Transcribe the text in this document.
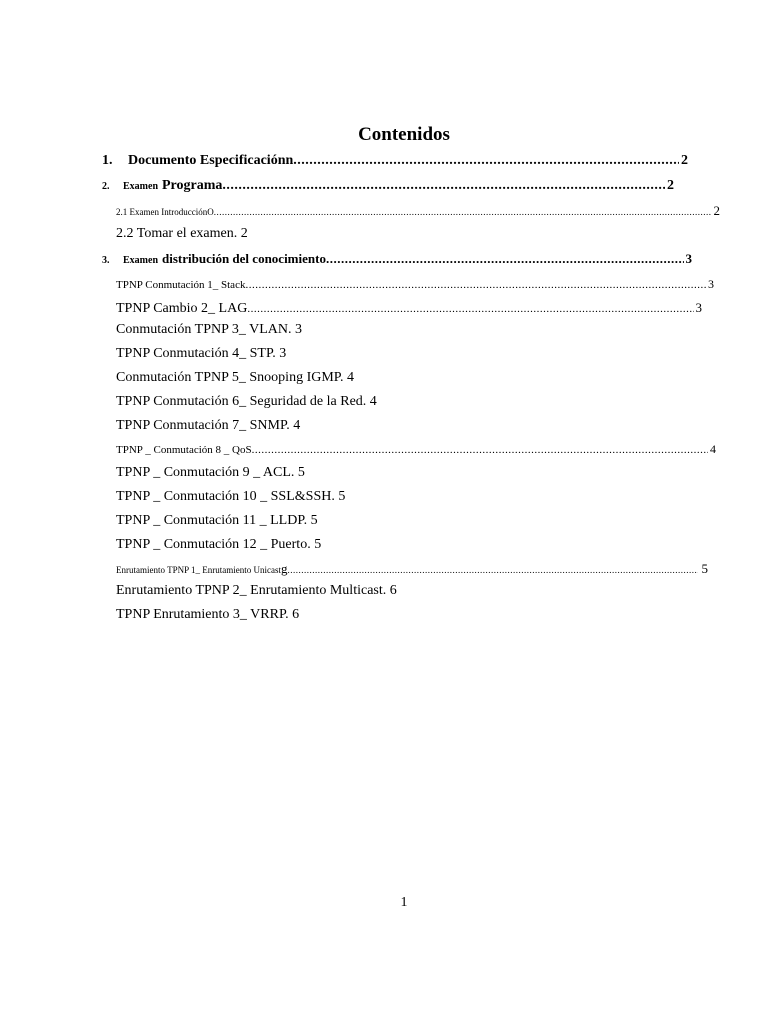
Contenidos
1.	Documento Especificaciónn .....	2
2.	Examen Programa .....	2
2.1 Examen IntroducciónO .....	2
2.2 Tomar el examen. 2
3.	Examen distribución del conocimiento .....	3
TPNP Conmutación 1_ Stack .....	3
TPNP Cambio 2_ LAG .....	3
Conmutación TPNP 3_ VLAN. 3
TPNP Conmutación 4_ STP. 3
Conmutación TPNP 5_ Snooping IGMP. 4
TPNP Conmutación 6_ Seguridad de la Red. 4
TPNP Conmutación 7_ SNMP. 4
TPNP _ Conmutación 8 _ QoS .....	4
TPNP _ Conmutación 9 _ ACL. 5
TPNP _ Conmutación 10 _ SSL&SSH. 5
TPNP _ Conmutación 11 _ LLDP. 5
TPNP _ Conmutación 12 _ Puerto. 5
Enrutamiento TPNP 1_ Enrutamiento Unicast g .....	5
Enrutamiento TPNP 2_ Enrutamiento Multicast. 6
TPNP Enrutamiento 3_ VRRP. 6
1
